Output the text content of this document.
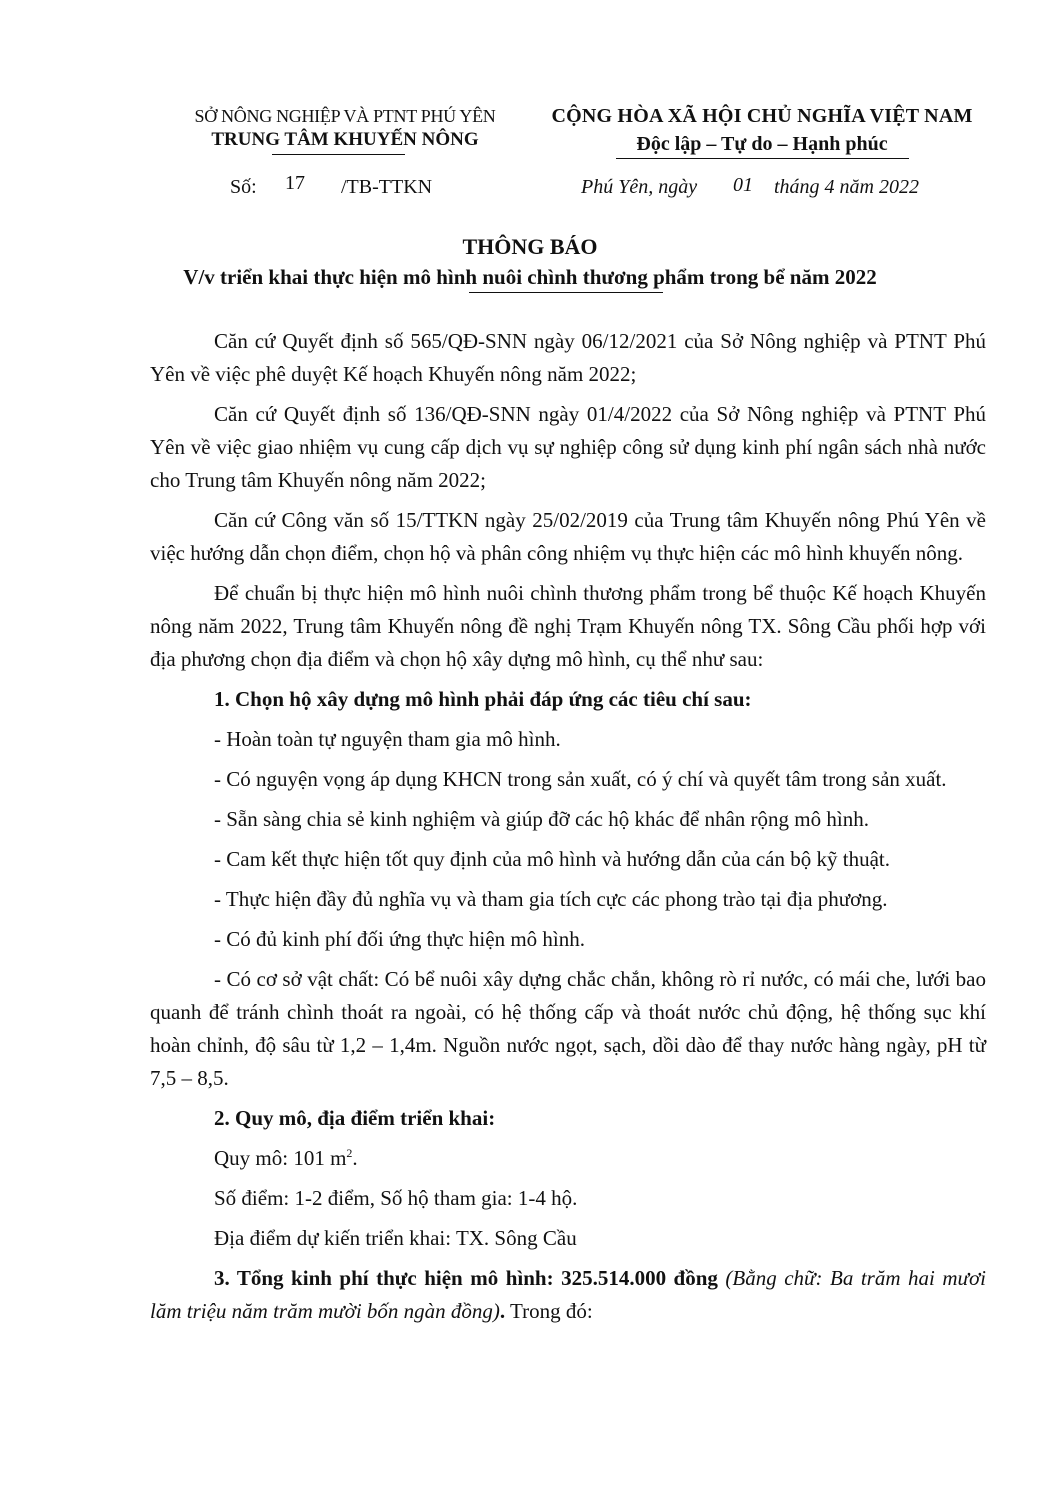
SỞ NÔNG NGHIỆP VÀ PTNT PHÚ YÊN
TRUNG TÂM KHUYẾN NÔNG
CỘNG HÒA XÃ HỘI CHỦ NGHĨA VIỆT NAM
Độc lập – Tự do – Hạnh phúc
Số: 17 /TB-TTKN	Phú Yên, ngày 01 tháng 4 năm 2022
THÔNG BÁO
V/v triển khai thực hiện mô hình nuôi chình thương phẩm trong bể năm 2022

Căn cứ Quyết định số 565/QĐ-SNN ngày 06/12/2021 của Sở Nông nghiệp và PTNT Phú Yên về việc phê duyệt Kế hoạch Khuyến nông năm 2022;

Căn cứ Quyết định số 136/QĐ-SNN ngày 01/4/2022 của Sở Nông nghiệp và PTNT Phú Yên về việc giao nhiệm vụ cung cấp dịch vụ sự nghiệp công sử dụng kinh phí ngân sách nhà nước cho Trung tâm Khuyến nông năm 2022;

Căn cứ Công văn số 15/TTKN ngày 25/02/2019 của Trung tâm Khuyến nông Phú Yên về việc hướng dẫn chọn điểm, chọn hộ và phân công nhiệm vụ thực hiện các mô hình khuyến nông.

Để chuẩn bị thực hiện mô hình nuôi chình thương phẩm trong bể thuộc Kế hoạch Khuyến nông năm 2022, Trung tâm Khuyến nông đề nghị Trạm Khuyến nông TX. Sông Cầu phối hợp với địa phương chọn địa điểm và chọn hộ xây dựng mô hình, cụ thể như sau:

1. Chọn hộ xây dựng mô hình phải đáp ứng các tiêu chí sau:

- Hoàn toàn tự nguyện tham gia mô hình.

- Có nguyện vọng áp dụng KHCN trong sản xuất, có ý chí và quyết tâm trong sản xuất.

- Sẵn sàng chia sẻ kinh nghiệm và giúp đỡ các hộ khác để nhân rộng mô hình.

- Cam kết thực hiện tốt quy định của mô hình và hướng dẫn của cán bộ kỹ thuật.

- Thực hiện đầy đủ nghĩa vụ và tham gia tích cực các phong trào tại địa phương.

- Có đủ kinh phí đối ứng thực hiện mô hình.

- Có cơ sở vật chất: Có bể nuôi xây dựng chắc chắn, không rò rỉ nước, có mái che, lưới bao quanh để tránh chình thoát ra ngoài, có hệ thống cấp và thoát nước chủ động, hệ thống sục khí hoàn chỉnh, độ sâu từ 1,2 – 1,4m. Nguồn nước ngọt, sạch, dồi dào để thay nước hàng ngày, pH từ 7,5 – 8,5.

2. Quy mô, địa điểm triển khai:

Quy mô: 101 $m^2$.

Số điểm: 1-2 điểm, Số hộ tham gia: 1-4 hộ.

Địa điểm dự kiến triển khai: TX. Sông Cầu

3. Tổng kinh phí thực hiện mô hình: 325.514.000 đồng (Bằng chữ: Ba trăm hai mươi lăm triệu năm trăm mười bốn ngàn đồng). Trong đó:
